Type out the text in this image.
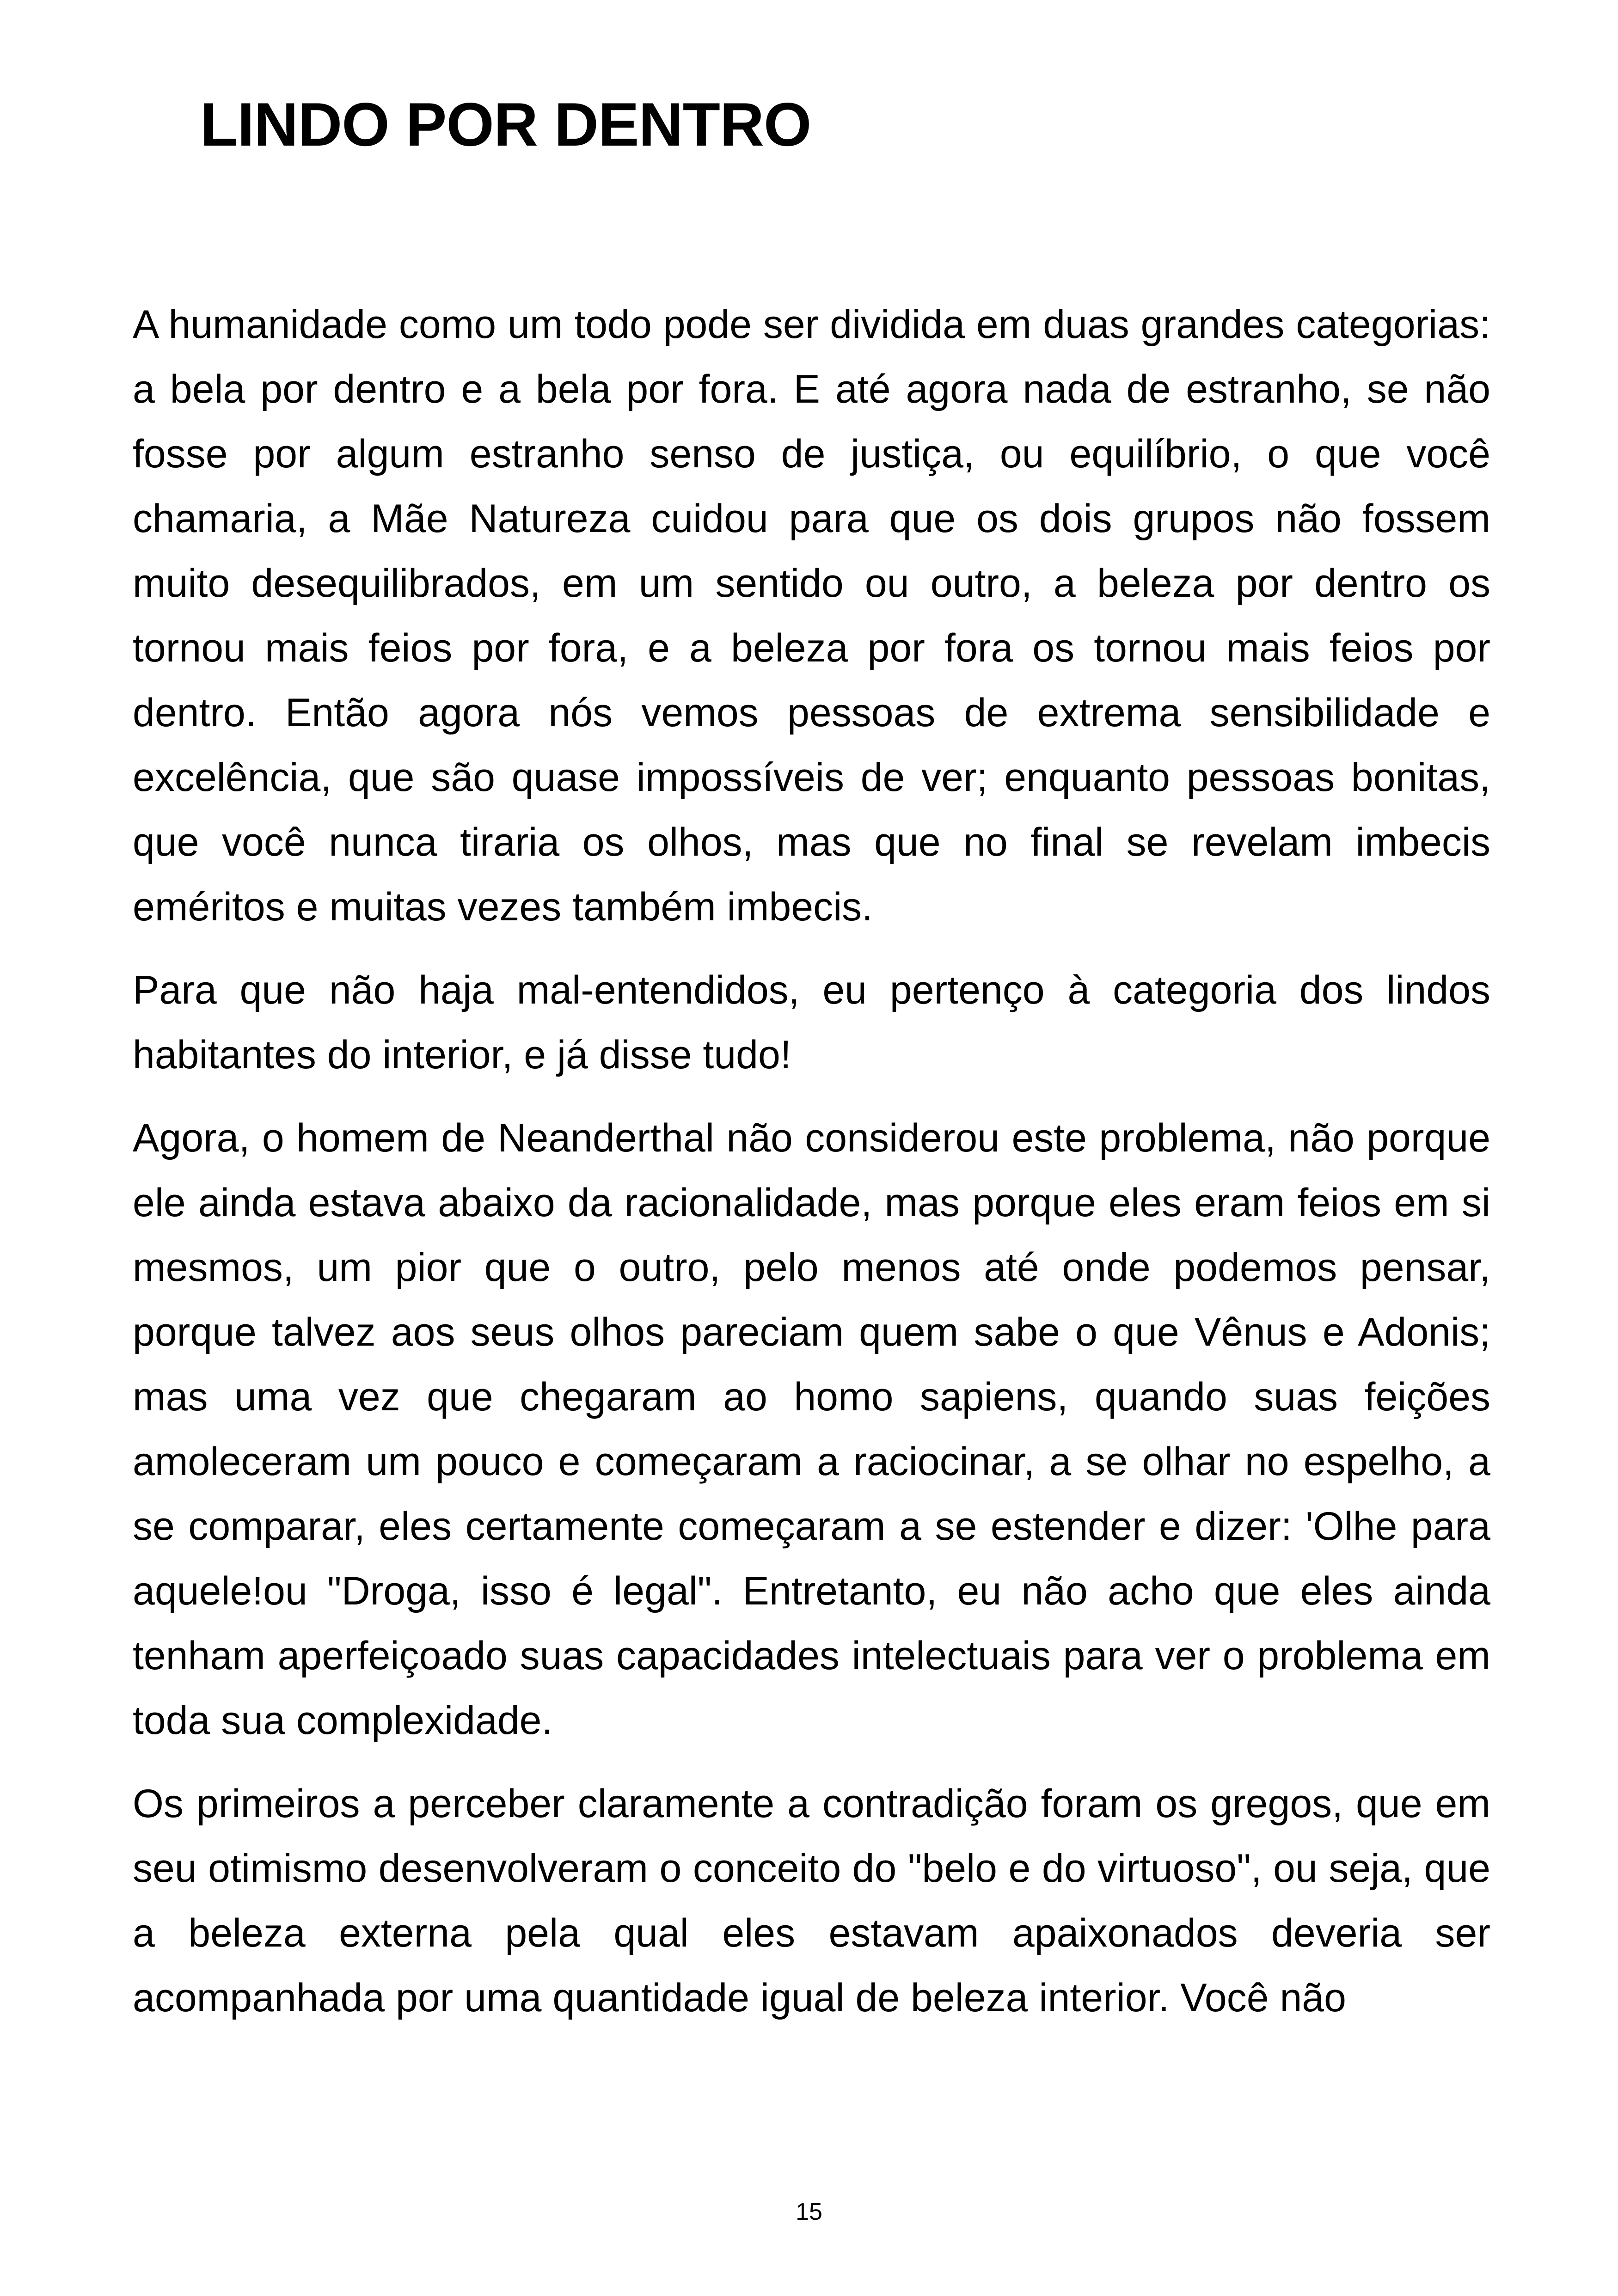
LINDO POR DENTRO

A humanidade como um todo pode ser dividida em duas grandes categorias: a bela por dentro e a bela por fora. E até agora nada de estranho, se não fosse por algum estranho senso de justiça, ou equilíbrio, o que você chamaria, a Mãe Natureza cuidou para que os dois grupos não fossem muito desequilibrados, em um sentido ou outro, a beleza por dentro os tornou mais feios por fora, e a beleza por fora os tornou mais feios por dentro. Então agora nós vemos pessoas de extrema sensibilidade e excelência, que são quase impossíveis de ver; enquanto pessoas bonitas, que você nunca tiraria os olhos, mas que no final se revelam imbecis eméritos e muitas vezes também imbecis.

Para que não haja mal-entendidos, eu pertenço à categoria dos lindos habitantes do interior, e já disse tudo!

Agora, o homem de Neanderthal não considerou este problema, não porque ele ainda estava abaixo da racionalidade, mas porque eles eram feios em si mesmos, um pior que o outro, pelo menos até onde podemos pensar, porque talvez aos seus olhos pareciam quem sabe o que Vênus e Adonis; mas uma vez que chegaram ao homo sapiens, quando suas feições amoleceram um pouco e começaram a raciocinar, a se olhar no espelho, a se comparar, eles certamente começaram a se estender e dizer: 'Olhe para aquele!ou "Droga, isso é legal". Entretanto, eu não acho que eles ainda tenham aperfeiçoado suas capacidades intelectuais para ver o problema em toda sua complexidade.

Os primeiros a perceber claramente a contradição foram os gregos, que em seu otimismo desenvolveram o conceito do "belo e do virtuoso", ou seja, que a beleza externa pela qual eles estavam apaixonados deveria ser acompanhada por uma quantidade igual de beleza interior. Você não

15
